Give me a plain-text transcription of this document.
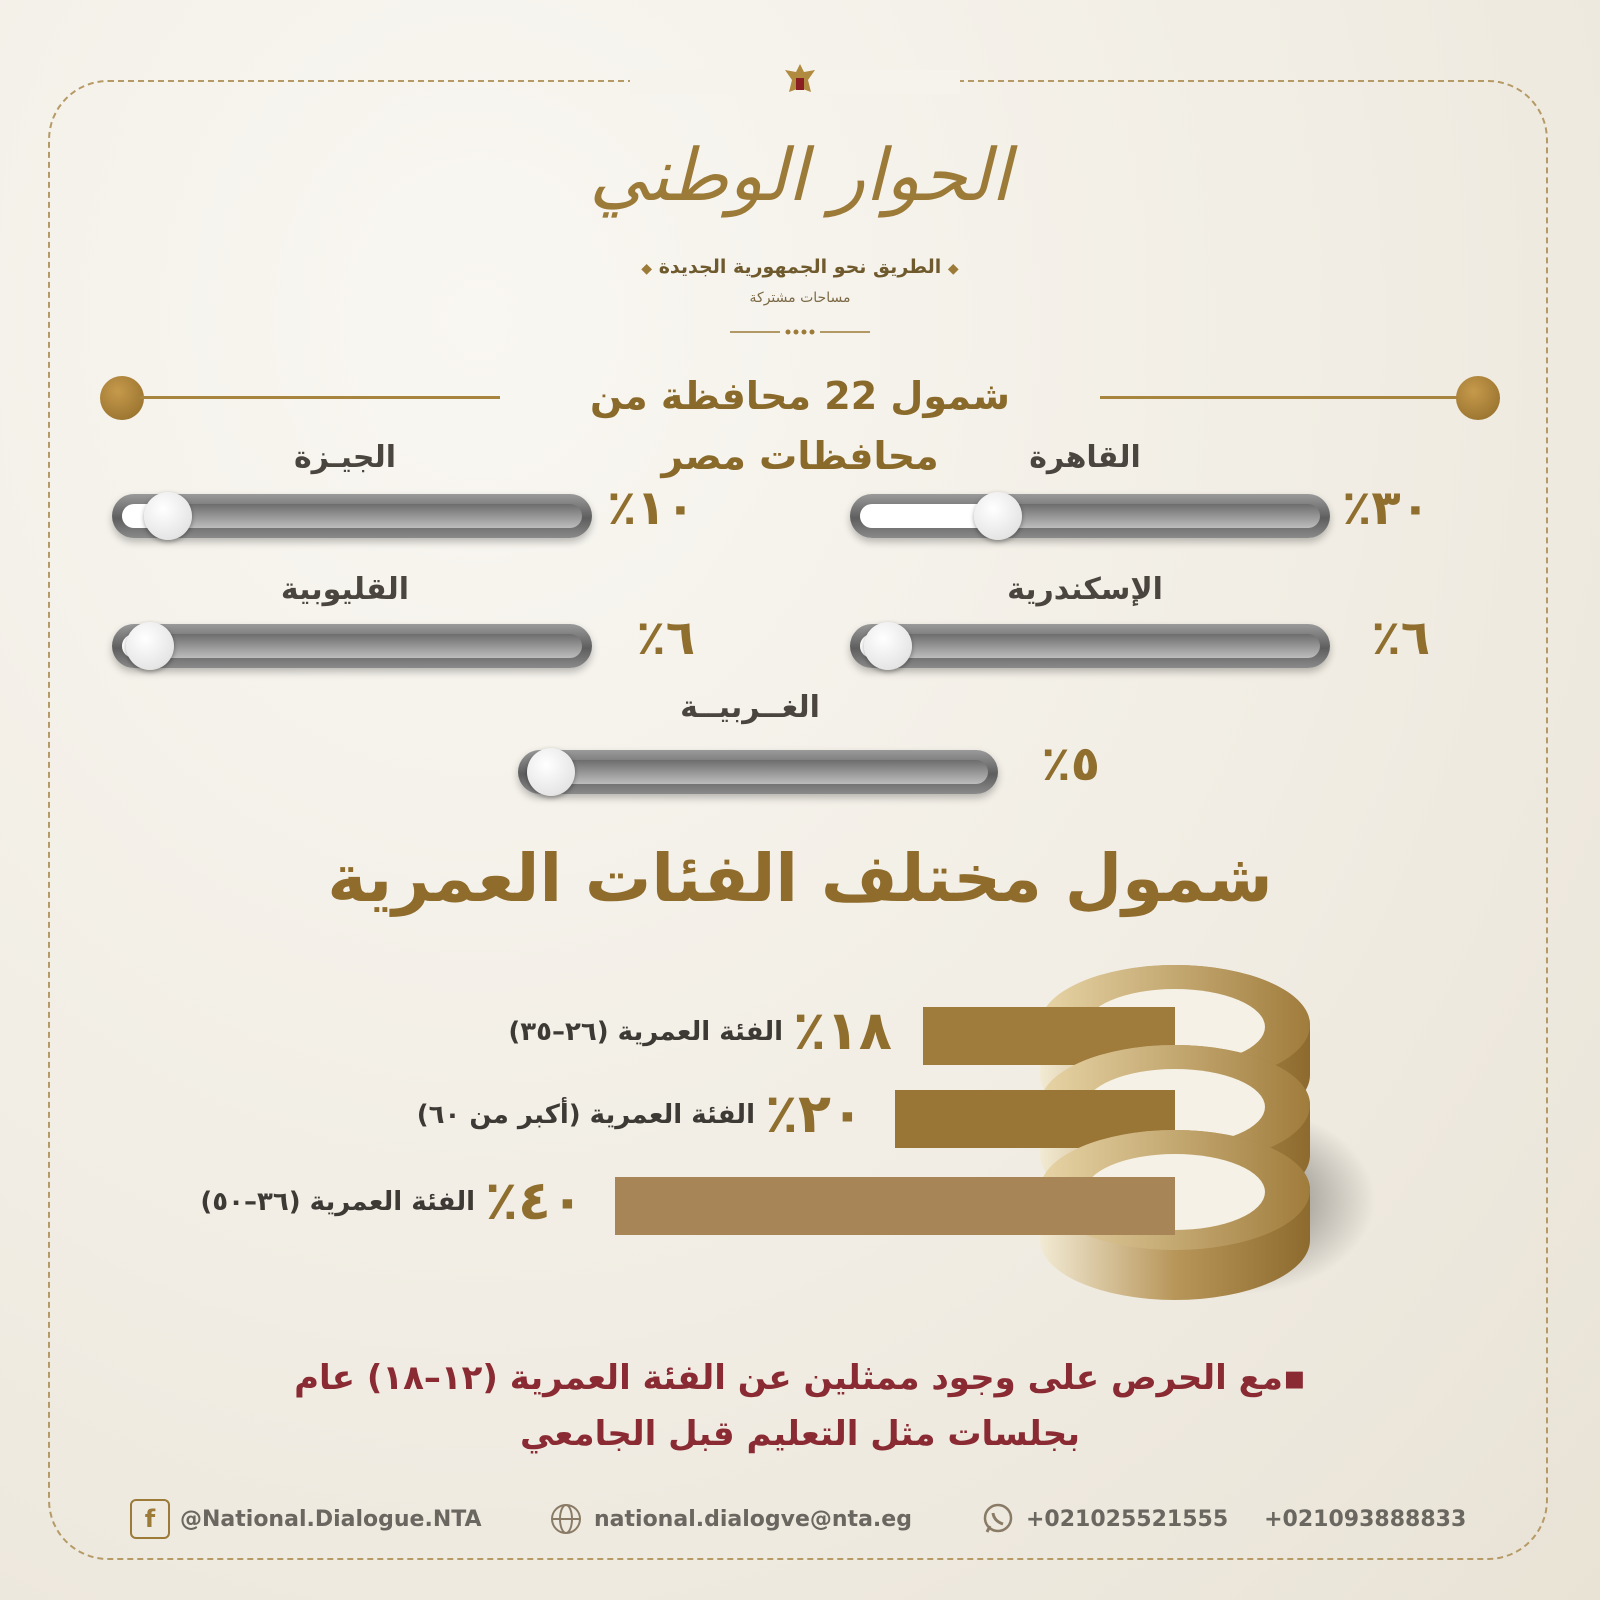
الحوار الوطني
◆ الطريق نحو الجمهورية الجديدة ◆
مساحات مشتركة
شمول 22 محافظة من محافظات مصر	القاهرة
٣٠٪
الجيـزة
١٠٪
الإسكندرية
٦٪
القليوبية
٦٪
الغــربيــة
٥٪
شمول مختلف الفئات العمرية
١٨٪
الفئة العمرية (٢٦–٣٥)
٢٠٪
الفئة العمرية (أكبر من ٦٠)
٤٠٪
الفئة العمرية (٣٦–٥٠)
▪مع الحرص على وجود ممثلين عن الفئة العمرية (١٢–١٨) عام
بجلسات مثل التعليم قبل الجامعي
f	@National.Dialogue.NTA	national.dialogve@nta.eg	+021025521555 +021093888833
